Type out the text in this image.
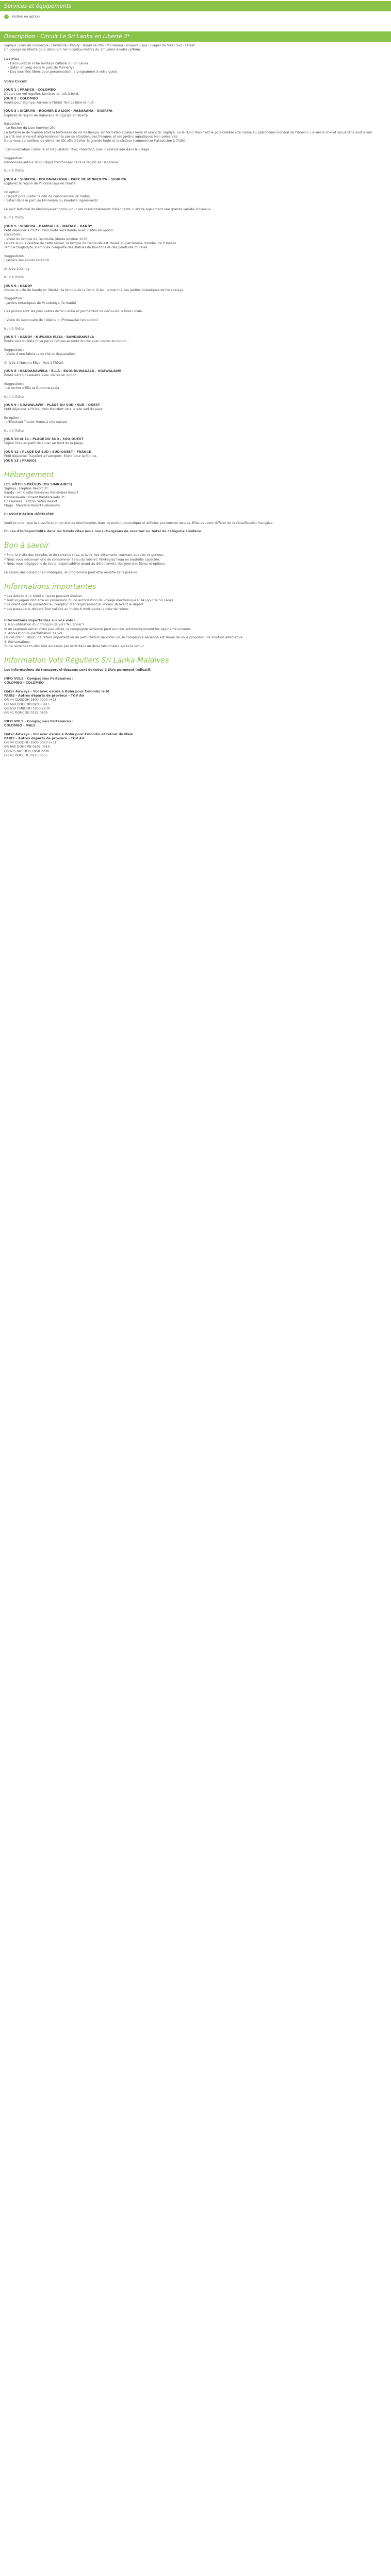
Services et équipements
Visites en option
Description - Circuit Le Sri Lanka en Liberté 3*

Sigiriya - Parc de minneriya - Dambulla - Kandy - Route du thé - Pinnawela - Nuwara Eliya - Plages du Sud / Sud - Ouest

Un voyage en liberté pour découvrir les incontournables du Sri Lanka à votre rythme.

Les Plus

• Découvrez le riche héritage culturel du Sri Lanka
• Safari en jeep dans le parc de Minneriya
• Des journées libres pour personnaliser le programme à votre guise

Votre Circuit

JOUR 1 : FRANCE - COLOMBO

Départ sur vol régulier. Services et nuit à bord.

JOUR 2 : COLOMBO

Route pour Sigiriya. Arrivée à l'hôtel. Temps libre et nuit.

JOUR 3 : SIGIRIYA - ROCHER DU LION - HABARANA - SIGIRIYA

Explorez la région de Habarana et Sigiriya en liberté.

Exception :

- Le Rocher du Lion (environ 2h)

La forteresse de Sigiriya était la forteresse du roi Kashyapa. Un formidable palais royal et une cité, Sigiriya, ou le "Lion Rock" est le plus célèbre site classé au patrimoine mondial de l'Unesco. La vieille ville et ses jardins sont à voir.

La cité ancienne est impressionnante par sa situation, ses fresques et ses jardins aquatiques bien préservés.

Nous vous conseillons de démarrer tôt afin d'éviter la grande foule et la chaleur (commencer l'ascension à 7h30).

- Démonstration culinaire et Dégustation chez l'habitant, suivi d'une balade dans le village

Suggestion :

Randonnée autour d'un village traditionnel dans la région de Habarana.

Nuit à l'hôtel.

JOUR 4 : SIGIRIYA - POLONNARUWA - PARC DE MINNERIYA - SIGIRIYA

Explorez la région de Polonnaruwa en liberté.

En option :

- Départ pour visiter la cité de Polonnaruwa (la matin)

- Safari dans le parc de Minneriya ou Kaudulla (après-midi)

Le parc National de Minneriya est connu pour ses rassemblements d'éléphants. Il abrite également une grande variété d'oiseaux.

Nuit à l'hôtel.

JOUR 5 : SIGIRIYA - DAMBULLA - MATALE - KANDY

Petit déjeuner à l'hôtel. Puis route vers Kandy avec visites en option :

Exception :

- Visite du temple de Dambulla (durée environ 1h30)

Le site le plus célèbre de cette région, le temple de Dambulla est classé au patrimoine mondial de l'Unesco.

Temple troglodyte, Dambulla comporte des statues du Bouddha et des peintures murales.

Suggestions :

- Jardins des épices (gratuit)

Arrivée à Kandy.

Nuit à l'hôtel.

JOUR 6 : KANDY

Visitez la ville de Kandy en liberté : le temple de la Dent, le lac, le marché, les jardins botaniques de Peradeniya.

Suggestion :

- Jardins botaniques de Peradeniya (le matin)

Ces jardins sont les plus vastes du Sri Lanka et permettent de découvrir la flore locale.

- Visite du sanctuaire de l'éléphant (Pinnawela) (en option)

Nuit à l'hôtel.

JOUR 7 : KANDY - NUWARA ELIYA - BANDARAWELA

Route vers Nuwara Eliya par la fabuleuse route du thé avec visites en option :

Suggestion :

- Visite d'une fabrique de thé et dégustation

Arrivée à Nuwara Eliya. Nuit à l'hôtel.

JOUR 8 : BANDARAWELA - ELLA - BUDURUWAGALA - UDAWALAWE

Route vers Udawalawe avec visites en option :

Suggestion :

- Le rocher d'Ella et Buduruwagala

Nuit à l'hôtel.

JOUR 9 : UDAWALAWE - PLAGE DU SUD / SUD - OUEST

Petit déjeuner à l'hôtel. Puis transfert vers le site sud du pays.

En option :

- L'Éléphant Transit Home à Udawalawe

Nuit à l'hôtel.

JOUR 10 et 11 : PLAGE DU SUD / SUD-OUEST

Séjour libre en petit déjeuner au bord de la plage.

JOUR 12 : PLAGE DU SUD / SUD-OUEST - FRANCE

Petit déjeuner. Transfert à l'aéroport. Envol pour la France.

JOUR 13 : FRANCE

Hébergement

LES HÔTELS PRÉVUS (OU SIMILAIRES)

Sigiriya : Elephas Resort 3*

Kandy : Hill Castle Kandy ou Randholee Resort

Bandarawela : Orient Bandarawela 3*

Udawalawe : Kithmi Safari Resort

Plage : Mandara Resort Hikkaduwa

CLASSIFICATION HÔTELIÈRE

Veuillez noter que la classification ou étoiles mentionnées dans ce produit touristique et définies par normes locales. Elles peuvent différer de la classification française.

En cas d'indisponibilité dans les hôtels cités nous nous chargeons de réserver un hôtel de catégorie similaire.

Bon à savoir

* Pour la visite des temples et de certains sites, prévoir des vêtements couvrant épaules et genoux.

* Nous vous déconseillons de consommer l'eau du robinet. Privilégiez l'eau en bouteille capsulée.

* Nous nous dégageons de toute responsabilité quant au déroulement des journées libres et options.

En raison des conditions climatiques, le programme peut être modifié sans préavis.

Informations importantes

* Les détails d'un hôtel à l'autre peuvent évoluer.

* Tout voyageur doit être en possession d'une autorisation de voyage électronique (ETA) pour le Sri Lanka.

* Le client doit se présenter au comptoir d'enregistrement au moins 3h avant le départ.

* Les passeports doivent être valides au moins 6 mois après la date de retour.

Informations importantes sur vos vols :

1. Non-utilisation d'un tronçon de vol ("No Show")

Si un segment aérien n'est pas utilisé, la compagnie aérienne peut annuler automatiquement les segments suivants.

2. Annulation ou perturbation de vol

En cas d'annulation, de retard important ou de perturbation de votre vol, la compagnie aérienne est tenue de vous proposer une solution alternative.

3. Réclamations

Toute réclamation doit être adressée par écrit dans un délai raisonnable après le retour.

Information Vols Réguliers Sri Lanka Maldives

Les informations de transport ci-dessous sont données à titre purement indicatif.

INFO VOLS - Compagnies Partenaires :

COLOMBO - COLOMBO

Qatar Airways - Vol avec escale à Doha pour Colombo le M

PARIS - Autres départs de province - TGV Air

QR 44 CDGDOH 1600 0020 (+1)

QR 660 DOHCMB 0205 0915

QR 659 CMBDOH 1950 2230

QR 41 DOHCDG 0125 0635

INFO VOLS - Compagnies Partenaires :

COLOMBO - MALE

Qatar Airways - Vol avec escale à Doha pour Colombo et retour de Male

PARIS - Autres départs de province - TGV Air

QR 44 CDGDOH 1600 0020 (+1)

QR 660 DOHCMB 0205 0915

QR 675 MLEDOH 1950 2230

QR 41 DOHCDG 0125 0635
